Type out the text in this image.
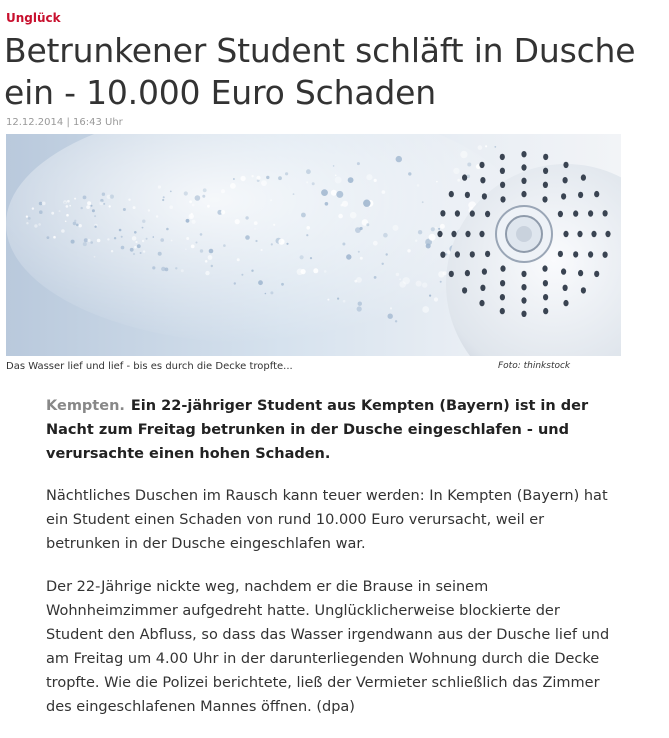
Unglück
Betrunkener Student schläft in Dusche ein - 10.000 Euro Schaden
12.12.2014 | 16:43 Uhr
Das Wasser lief und lief - bis es durch die Decke tropfte...	Foto: thinkstock

Kempten. Ein 22-jähriger Student aus Kempten (Bayern) ist in der Nacht zum Freitag betrunken in der Dusche eingeschlafen - und verursachte einen hohen Schaden.

Nächtliches Duschen im Rausch kann teuer werden: In Kempten (Bayern) hat ein Student einen Schaden von rund 10.000 Euro verursacht, weil er betrunken in der Dusche eingeschlafen war.

Der 22-Jährige nickte weg, nachdem er die Brause in seinem Wohnheimzimmer aufgedreht hatte. Unglücklicherweise blockierte der Student den Abfluss, so dass das Wasser irgendwann aus der Dusche lief und am Freitag um 4.00 Uhr in der darunterliegenden Wohnung durch die Decke tropfte. Wie die Polizei berichtete, ließ der Vermieter schließlich das Zimmer des eingeschlafenen Mannes öffnen. (dpa)
